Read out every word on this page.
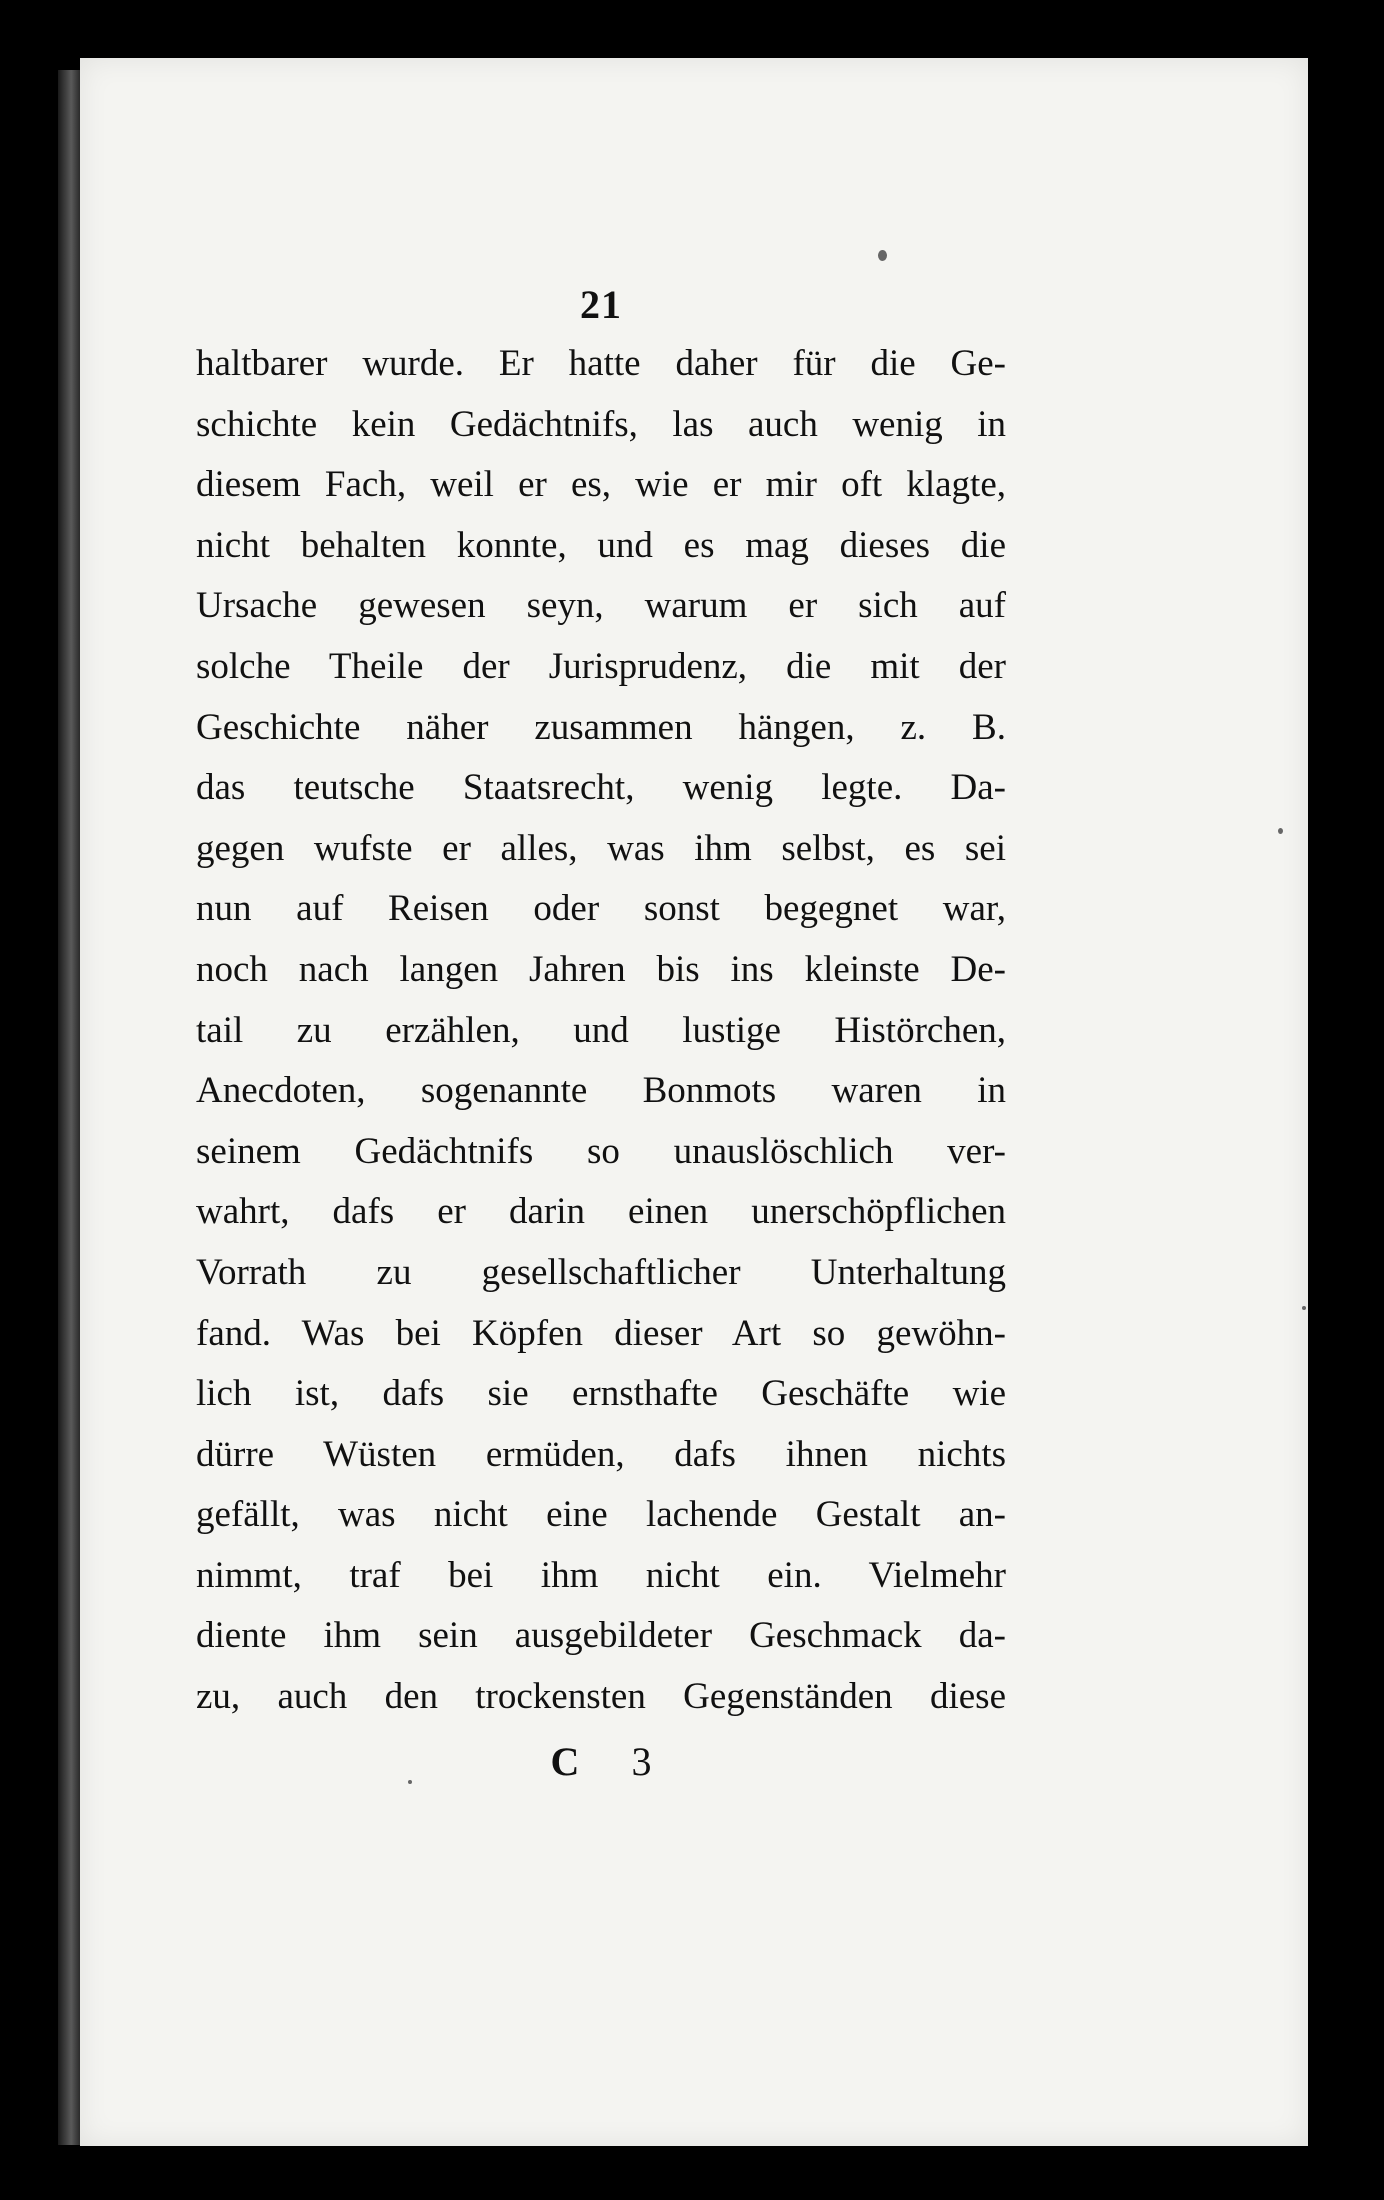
21
haltbarer wurde. Er hatte daher für die Ge-
schichte kein Gedächtnifs, las auch wenig in
diesem Fach, weil er es, wie er mir oft klagte,
nicht behalten konnte, und es mag dieses die
Ursache gewesen seyn, warum er sich auf
solche Theile der Jurisprudenz, die mit der
Geschichte näher zusammen hängen, z. B.
das teutsche Staatsrecht, wenig legte. Da-
gegen wufste er alles, was ihm selbst, es sei
nun auf Reisen oder sonst begegnet war,
noch nach langen Jahren bis ins kleinste De-
tail zu erzählen, und lustige Histörchen,
Anecdoten, sogenannte Bonmots waren in
seinem Gedächtnifs so unauslöschlich ver-
wahrt, dafs er darin einen unerschöpflichen
Vorrath zu gesellschaftlicher Unterhaltung
fand. Was bei Köpfen dieser Art so gewöhn-
lich ist, dafs sie ernsthafte Geschäfte wie
dürre Wüsten ermüden, dafs ihnen nichts
gefällt, was nicht eine lachende Gestalt an-
nimmt, traf bei ihm nicht ein. Vielmehr
diente ihm sein ausgebildeter Geschmack da-
zu, auch den trockensten Gegenständen diese
C 3
